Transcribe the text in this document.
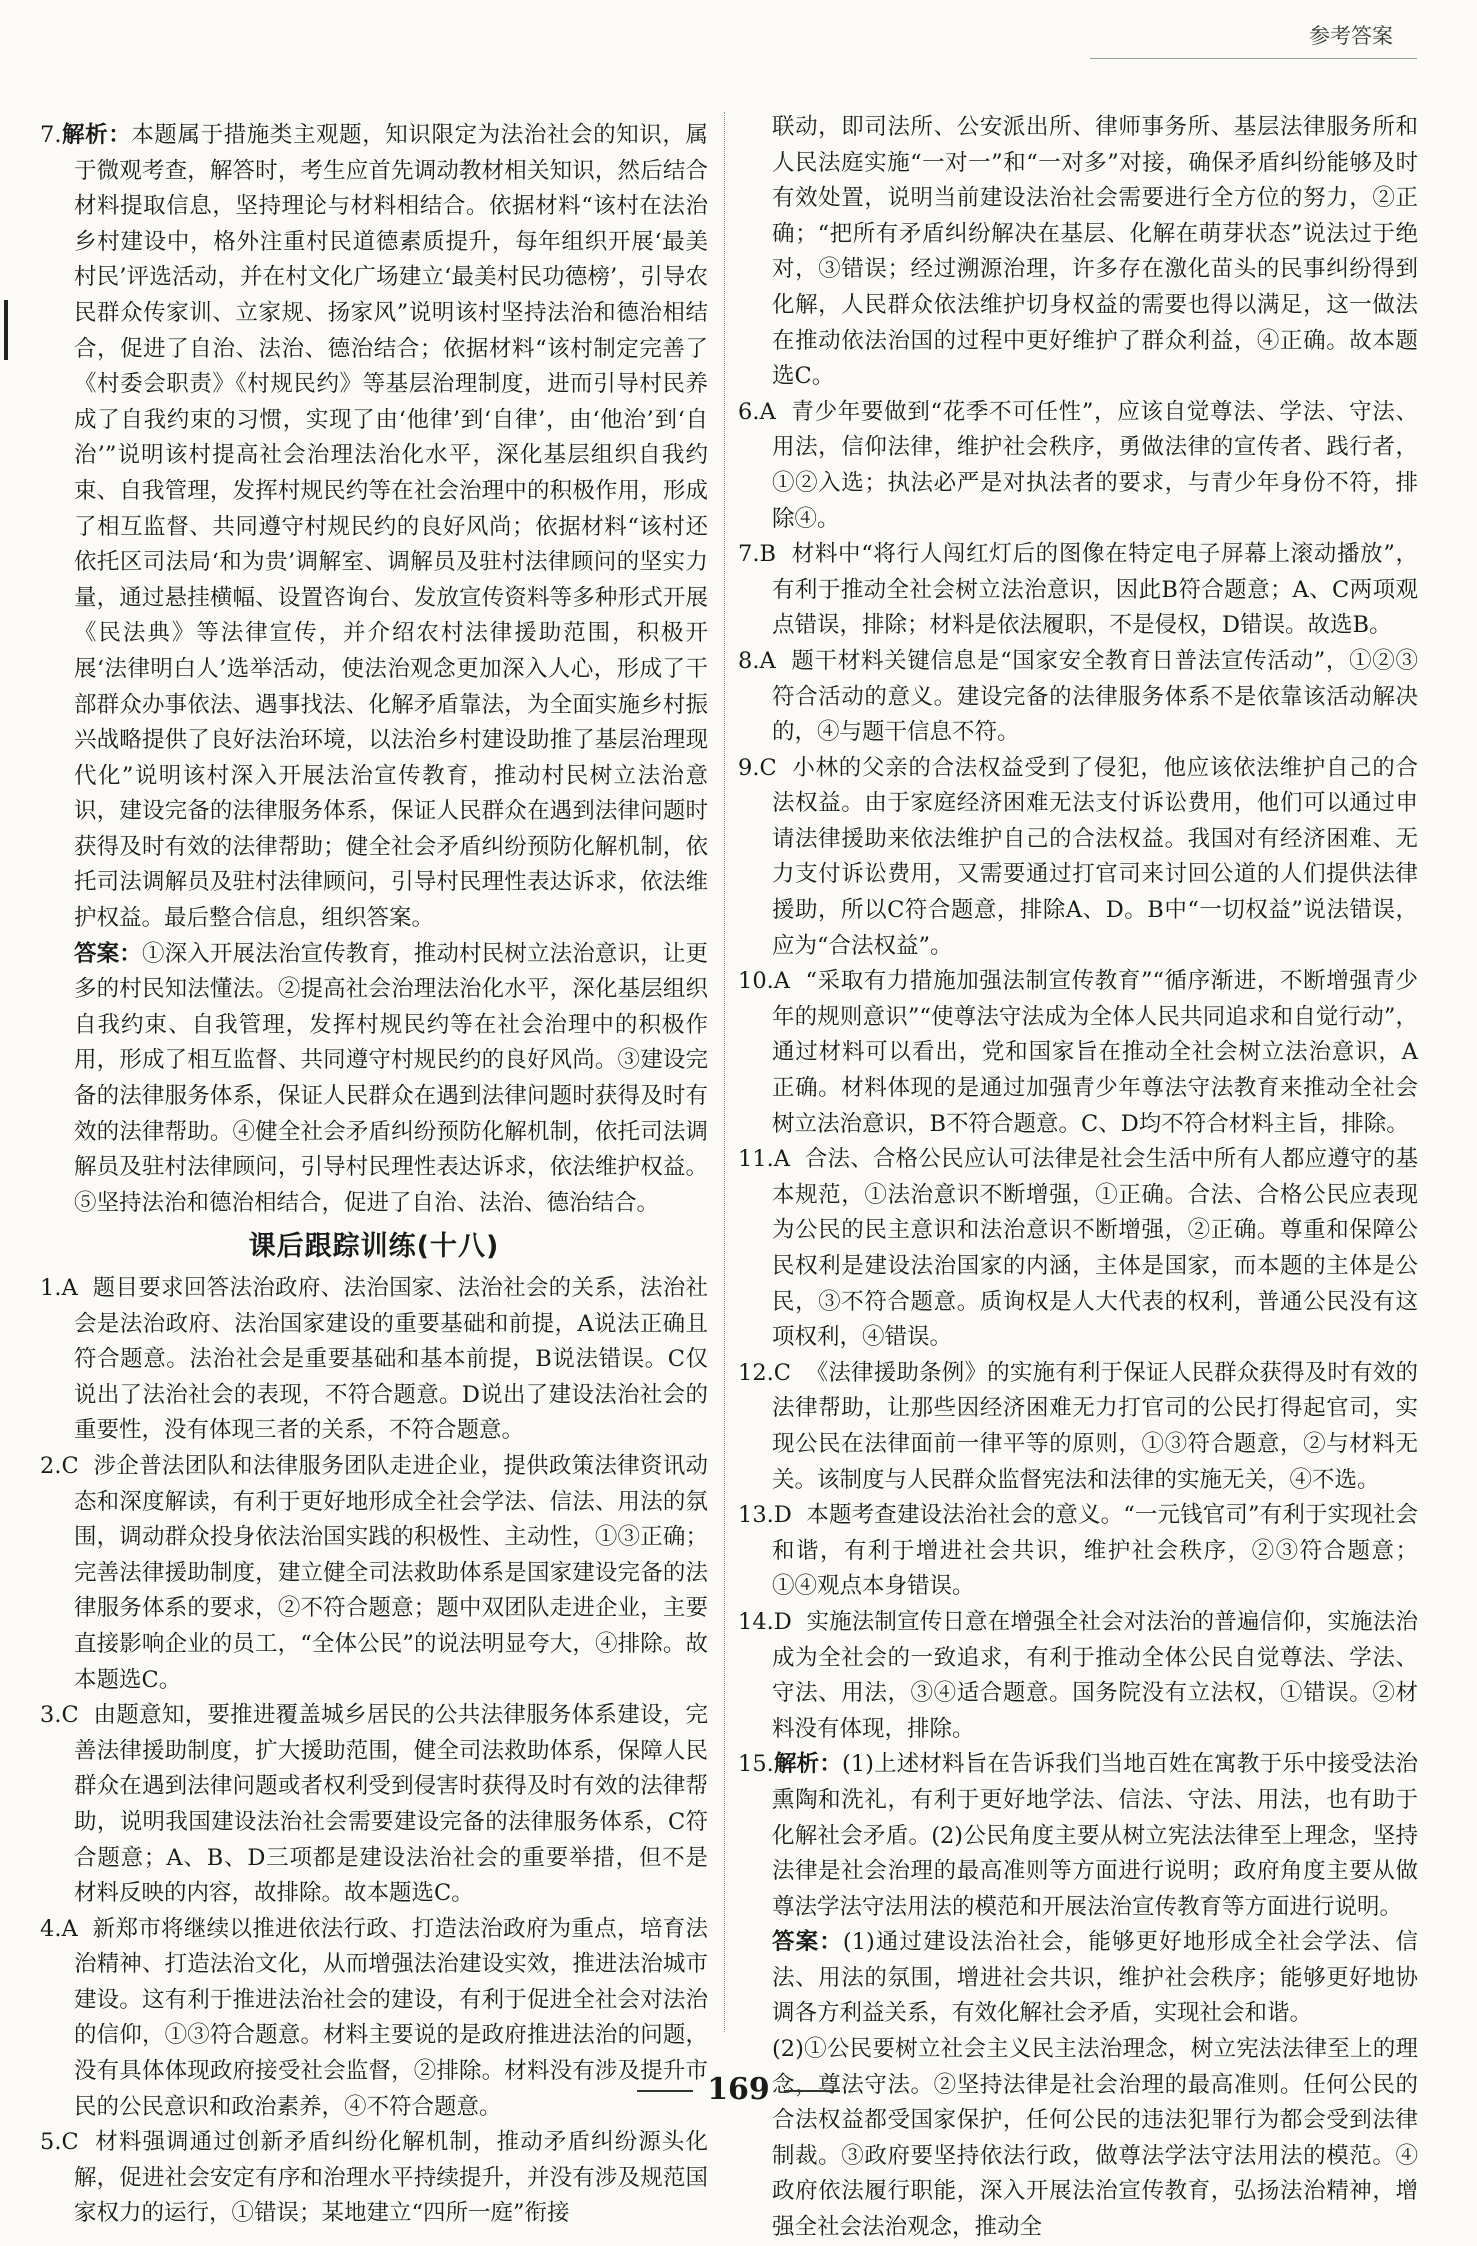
参考答案

7.解析：本题属于措施类主观题，知识限定为法治社会的知识，属于微观考查，解答时，考生应首先调动教材相关知识，然后结合材料提取信息，坚持理论与材料相结合。依据材料“该村在法治乡村建设中，格外注重村民道德素质提升，每年组织开展‘最美村民’评选活动，并在村文化广场建立‘最美村民功德榜’，引导农民群众传家训、立家规、扬家风”说明该村坚持法治和德治相结合，促进了自治、法治、德治结合；依据材料“该村制定完善了《村委会职责》《村规民约》等基层治理制度，进而引导村民养成了自我约束的习惯，实现了由‘他律’到‘自律’，由‘他治’到‘自治’”说明该村提高社会治理法治化水平，深化基层组织自我约束、自我管理，发挥村规民约等在社会治理中的积极作用，形成了相互监督、共同遵守村规民约的良好风尚；依据材料“该村还依托区司法局‘和为贵’调解室、调解员及驻村法律顾问的坚实力量，通过悬挂横幅、设置咨询台、发放宣传资料等多种形式开展《民法典》等法律宣传，并介绍农村法律援助范围，积极开展‘法律明白人’选举活动，使法治观念更加深入人心，形成了干部群众办事依法、遇事找法、化解矛盾靠法，为全面实施乡村振兴战略提供了良好法治环境，以法治乡村建设助推了基层治理现代化”说明该村深入开展法治宣传教育，推动村民树立法治意识，建设完备的法律服务体系，保证人民群众在遇到法律问题时获得及时有效的法律帮助；健全社会矛盾纠纷预防化解机制，依托司法调解员及驻村法律顾问，引导村民理性表达诉求，依法维护权益。最后整合信息，组织答案。

答案：①深入开展法治宣传教育，推动村民树立法治意识，让更多的村民知法懂法。②提高社会治理法治化水平，深化基层组织自我约束、自我管理，发挥村规民约等在社会治理中的积极作用，形成了相互监督、共同遵守村规民约的良好风尚。③建设完备的法律服务体系，保证人民群众在遇到法律问题时获得及时有效的法律帮助。④健全社会矛盾纠纷预防化解机制，依托司法调解员及驻村法律顾问，引导村民理性表达诉求，依法维护权益。⑤坚持法治和德治相结合，促进了自治、法治、德治结合。

课后跟踪训练(十八)

1.A 题目要求回答法治政府、法治国家、法治社会的关系，法治社会是法治政府、法治国家建设的重要基础和前提，A说法正确且符合题意。法治社会是重要基础和基本前提，B说法错误。C仅说出了法治社会的表现，不符合题意。D说出了建设法治社会的重要性，没有体现三者的关系，不符合题意。

2.C 涉企普法团队和法律服务团队走进企业，提供政策法律资讯动态和深度解读，有利于更好地形成全社会学法、信法、用法的氛围，调动群众投身依法治国实践的积极性、主动性，①③正确；完善法律援助制度，建立健全司法救助体系是国家建设完备的法律服务体系的要求，②不符合题意；题中双团队走进企业，主要直接影响企业的员工，“全体公民”的说法明显夸大，④排除。故本题选C。

3.C 由题意知，要推进覆盖城乡居民的公共法律服务体系建设，完善法律援助制度，扩大援助范围，健全司法救助体系，保障人民群众在遇到法律问题或者权利受到侵害时获得及时有效的法律帮助，说明我国建设法治社会需要建设完备的法律服务体系，C符合题意；A、B、D三项都是建设法治社会的重要举措，但不是材料反映的内容，故排除。故本题选C。

4.A 新郑市将继续以推进依法行政、打造法治政府为重点，培育法治精神、打造法治文化，从而增强法治建设实效，推进法治城市建设。这有利于推进法治社会的建设，有利于促进全社会对法治的信仰，①③符合题意。材料主要说的是政府推进法治的问题，没有具体体现政府接受社会监督，②排除。材料没有涉及提升市民的公民意识和政治素养，④不符合题意。

5.C 材料强调通过创新矛盾纠纷化解机制，推动矛盾纠纷源头化解，促进社会安定有序和治理水平持续提升，并没有涉及规范国家权力的运行，①错误；某地建立“四所一庭”衔接

联动，即司法所、公安派出所、律师事务所、基层法律服务所和人民法庭实施“一对一”和“一对多”对接，确保矛盾纠纷能够及时有效处置，说明当前建设法治社会需要进行全方位的努力，②正确；“把所有矛盾纠纷解决在基层、化解在萌芽状态”说法过于绝对，③错误；经过溯源治理，许多存在激化苗头的民事纠纷得到化解，人民群众依法维护切身权益的需要也得以满足，这一做法在推动依法治国的过程中更好维护了群众利益，④正确。故本题选C。

6.A 青少年要做到“花季不可任性”，应该自觉尊法、学法、守法、用法，信仰法律，维护社会秩序，勇做法律的宣传者、践行者，①②入选；执法必严是对执法者的要求，与青少年身份不符，排除④。

7.B 材料中“将行人闯红灯后的图像在特定电子屏幕上滚动播放”，有利于推动全社会树立法治意识，因此B符合题意；A、C两项观点错误，排除；材料是依法履职，不是侵权，D错误。故选B。

8.A 题干材料关键信息是“国家安全教育日普法宣传活动”，①②③符合活动的意义。建设完备的法律服务体系不是依靠该活动解决的，④与题干信息不符。

9.C 小林的父亲的合法权益受到了侵犯，他应该依法维护自己的合法权益。由于家庭经济困难无法支付诉讼费用，他们可以通过申请法律援助来依法维护自己的合法权益。我国对有经济困难、无力支付诉讼费用，又需要通过打官司来讨回公道的人们提供法律援助，所以C符合题意，排除A、D。B中“一切权益”说法错误，应为“合法权益”。

10.A “采取有力措施加强法制宣传教育”“循序渐进，不断增强青少年的规则意识”“使尊法守法成为全体人民共同追求和自觉行动”，通过材料可以看出，党和国家旨在推动全社会树立法治意识，A正确。材料体现的是通过加强青少年尊法守法教育来推动全社会树立法治意识，B不符合题意。C、D均不符合材料主旨，排除。

11.A 合法、合格公民应认可法律是社会生活中所有人都应遵守的基本规范，①法治意识不断增强，①正确。合法、合格公民应表现为公民的民主意识和法治意识不断增强，②正确。尊重和保障公民权利是建设法治国家的内涵，主体是国家，而本题的主体是公民，③不符合题意。质询权是人大代表的权利，普通公民没有这项权利，④错误。

12.C 《法律援助条例》的实施有利于保证人民群众获得及时有效的法律帮助，让那些因经济困难无力打官司的公民打得起官司，实现公民在法律面前一律平等的原则，①③符合题意，②与材料无关。该制度与人民群众监督宪法和法律的实施无关，④不选。

13.D 本题考查建设法治社会的意义。“一元钱官司”有利于实现社会和谐，有利于增进社会共识，维护社会秩序，②③符合题意；①④观点本身错误。

14.D 实施法制宣传日意在增强全社会对法治的普遍信仰，实施法治成为全社会的一致追求，有利于推动全体公民自觉尊法、学法、守法、用法，③④适合题意。国务院没有立法权，①错误。②材料没有体现，排除。

15.解析：(1)上述材料旨在告诉我们当地百姓在寓教于乐中接受法治熏陶和洗礼，有利于更好地学法、信法、守法、用法，也有助于化解社会矛盾。(2)公民角度主要从树立宪法法律至上理念，坚持法律是社会治理的最高准则等方面进行说明；政府角度主要从做尊法学法守法用法的模范和开展法治宣传教育等方面进行说明。

答案：(1)通过建设法治社会，能够更好地形成全社会学法、信法、用法的氛围，增进社会共识，维护社会秩序；能够更好地协调各方利益关系，有效化解社会矛盾，实现社会和谐。

(2)①公民要树立社会主义民主法治理念，树立宪法法律至上的理念，尊法守法。②坚持法律是社会治理的最高准则。任何公民的合法权益都受国家保护，任何公民的违法犯罪行为都会受到法律制裁。③政府要坚持依法行政，做尊法学法守法用法的模范。④政府依法履行职能，深入开展法治宣传教育，弘扬法治精神，增强全社会法治观念，推动全

169
